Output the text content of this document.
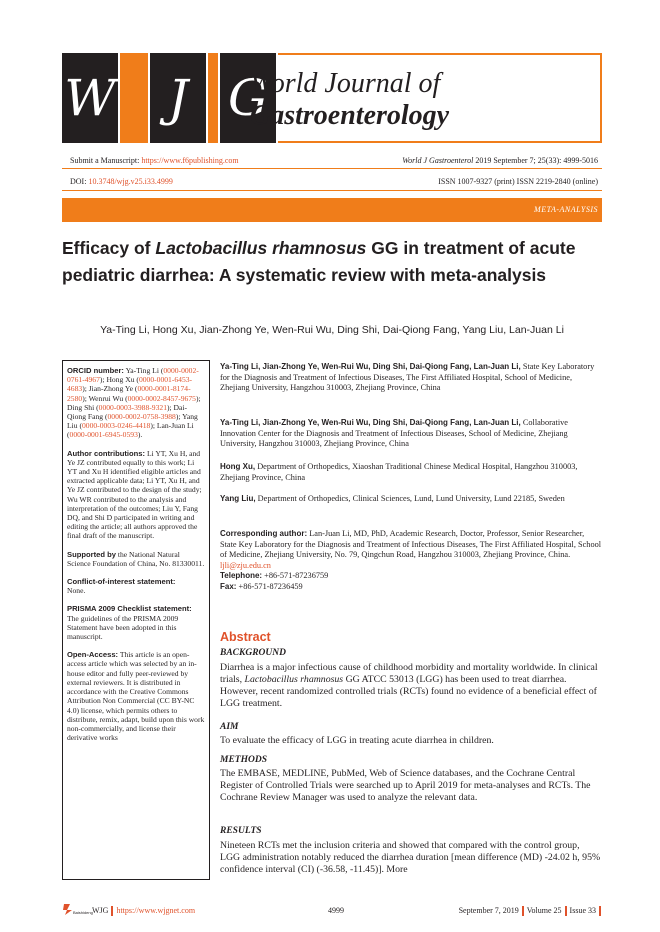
W	J G
World Journal of
Gastroenterology
Submit a Manuscript: https://www.f6publishing.com	World J Gastroenterol 2019 September 7; 25(33): 4999-5016
DOI: 10.3748/wjg.v25.i33.4999	ISSN 1007-9327 (print) ISSN 2219-2840 (online)
META-ANALYSIS
Efficacy of Lactobacillus rhamnosus GG in treatment of acute
pediatric diarrhea: A systematic review with meta-analysis
Ya-Ting Li, Hong Xu, Jian-Zhong Ye, Wen-Rui Wu, Ding Shi, Dai-Qiong Fang, Yang Liu, Lan-Juan Li
ORCID number: Ya-Ting Li (0000-0002-0761-4967); Hong Xu (0000-0001-6453-4683); Jian-Zhong Ye (0000-0001-8174-2580); Wenrui Wu (0000-0002-8457-9675); Ding Shi (0000-0003-3988-9321); Dai-Qiong Fang (0000-0002-0758-3988); Yang Liu (0000-0003-0246-4418); Lan-Juan Li (0000-0001-6945-0593).
Author contributions: Li YT, Xu H, and Ye JZ contributed equally to this work; Li YT and Xu H identified eligible articles and extracted applicable data; Li YT, Xu H, and Ye JZ contributed to the design of the study; Wu WR contributed to the analysis and interpretation of the outcomes; Liu Y, Fang DQ, and Shi D participated in writing and editing the article; all authors approved the final draft of the manuscript.
Supported by the National Natural Science Foundation of China, No. 81330011.
Conflict-of-interest statement:
None.
PRISMA 2009 Checklist statement:
The guidelines of the PRISMA 2009 Statement have been adopted in this manuscript.
Open-Access: This article is an open-access article which was selected by an in-house editor and fully peer-reviewed by external reviewers. It is distributed in accordance with the Creative Commons Attribution Non Commercial (CC BY-NC 4.0) license, which permits others to distribute, remix, adapt, build upon this work non-commercially, and license their derivative works
Ya-Ting Li, Jian-Zhong Ye, Wen-Rui Wu, Ding Shi, Dai-Qiong Fang, Lan-Juan Li, State Key Laboratory for the Diagnosis and Treatment of Infectious Diseases, The First Affiliated Hospital, School of Medicine, Zhejiang University, Hangzhou 310003, Zhejiang Province, China
Ya-Ting Li, Jian-Zhong Ye, Wen-Rui Wu, Ding Shi, Dai-Qiong Fang, Lan-Juan Li, Collaborative Innovation Center for the Diagnosis and Treatment of Infectious Diseases, School of Medicine, Zhejiang University, Hangzhou 310003, Zhejiang Province, China
Hong Xu, Department of Orthopedics, Xiaoshan Traditional Chinese Medical Hospital, Hangzhou 310003, Zhejiang Province, China
Yang Liu, Department of Orthopedics, Clinical Sciences, Lund, Lund University, Lund 22185, Sweden
Corresponding author: Lan-Juan Li, MD, PhD, Academic Research, Doctor, Professor, Senior Researcher, State Key Laboratory for the Diagnosis and Treatment of Infectious Diseases, The First Affiliated Hospital, School of Medicine, Zhejiang University, No. 79, Qingchun Road, Hangzhou 310003, Zhejiang Province, China. ljli@zju.edu.cn
Telephone: +86-571-87236759
Fax: +86-571-87236459
Abstract
BACKGROUND
Diarrhea is a major infectious cause of childhood morbidity and mortality worldwide. In clinical trials, Lactobacillus rhamnosus GG ATCC 53013 (LGG) has been used to treat diarrhea. However, recent randomized controlled trials (RCTs) found no evidence of a beneficial effect of LGG treatment.
AIM
To evaluate the efficacy of LGG in treating acute diarrhea in children.
METHODS
The EMBASE, MEDLINE, PubMed, Web of Science databases, and the Cochrane Central Register of Controlled Trials were searched up to April 2019 for meta-analyses and RCTs. The Cochrane Review Manager was used to analyze the relevant data.
RESULTS
Nineteen RCTs met the inclusion criteria and showed that compared with the control group, LGG administration notably reduced the diarrhea duration [mean difference (MD) -24.02 h, 95% confidence interval (CI) (-36.58, -11.45)]. More
Baishideng WJG https://www.wjgnet.com	4999	September 7, 2019 Volume 25 Issue 33
